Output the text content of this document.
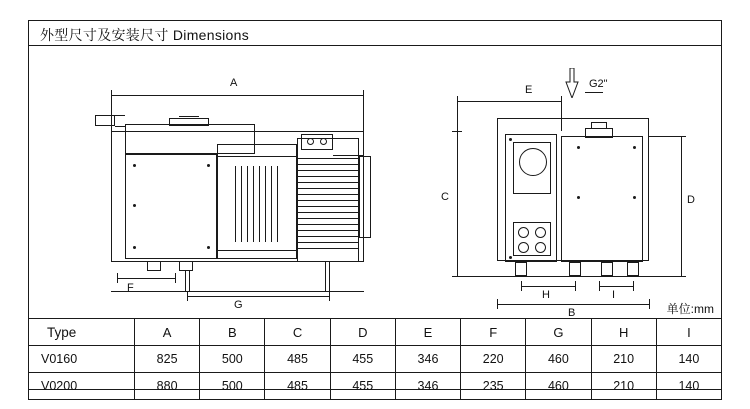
外型尺寸及安装尺寸 Dimensions
A
F
G
E	G2"
C	D
H	I
B	单位:mm
Type	A	B	C	D	E	F	G	H	I
V0160	825	500	485	455	346	220	460	210	140
V0200	880	500	485	455	346	235	460	210	140
